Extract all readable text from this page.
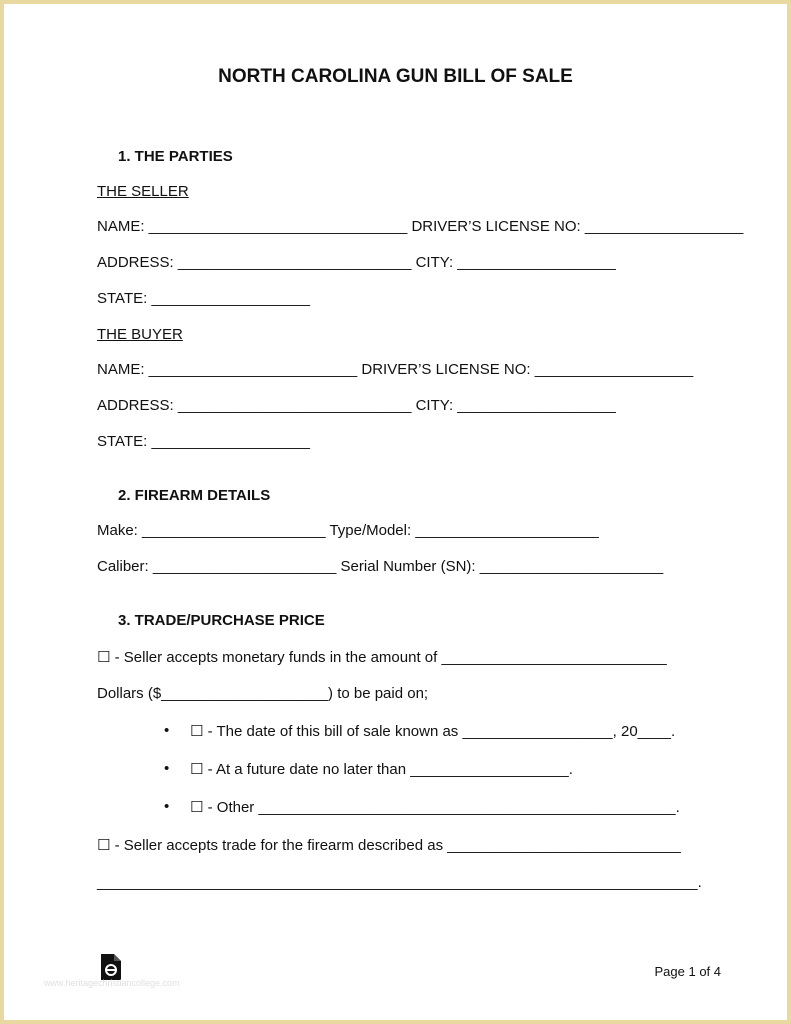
NORTH CAROLINA GUN BILL OF SALE
1. THE PARTIES
THE SELLER
NAME: _______________________________ DRIVER’S LICENSE NO: ___________________
ADDRESS: ____________________________ CITY: ___________________
STATE: ___________________
THE BUYER
NAME: _________________________ DRIVER’S LICENSE NO: ___________________
ADDRESS: ____________________________ CITY: ___________________
STATE: ___________________
2. FIREARM DETAILS
Make: ______________________ Type/Model: ______________________
Caliber: ______________________ Serial Number (SN): ______________________
3. TRADE/PURCHASE PRICE
☐ - Seller accepts monetary funds in the amount of ___________________________
Dollars ($____________________) to be paid on;
• ☐ - The date of this bill of sale known as __________________, 20____.
• ☐ - At a future date no later than ___________________.
• ☐ - Other __________________________________________________.
☐ - Seller accepts trade for the firearm described as ____________________________
________________________________________________________________________.
www.heritagechristiancollege.com
Page 1 of 4
